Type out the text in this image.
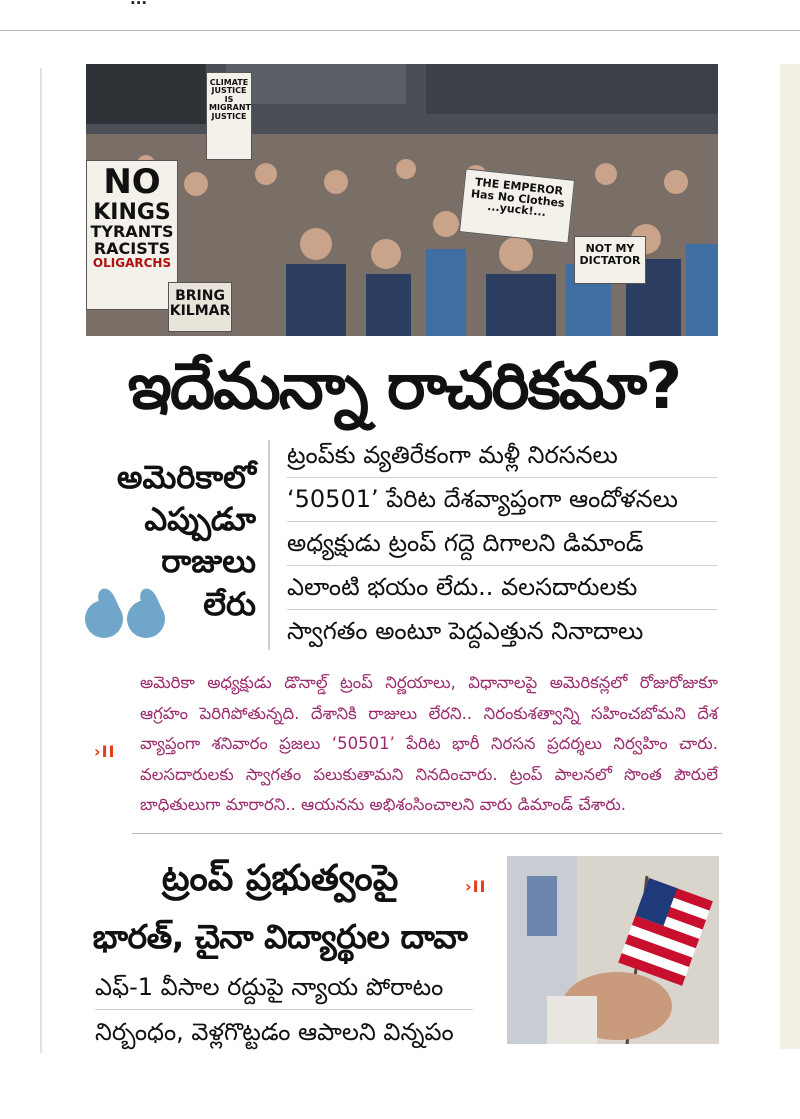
NO
KINGS
TYRANTS
RACISTS
OLIGARCHS
BRING KILMAR
THE EMPEROR Has No Clothes ...yuck!...
NOT MY DICTATOR
CLIMATE JUSTICE IS MIGRANT JUSTICE
ఇదేమన్నా రాచరికమా?
అమెరికాలో
ఎప్పుడూ
రాజులు
లేరు
ట్రంప్‌కు వ్యతిరేకంగా మళ్లీ నిరసనలు
‘50501’ పేరిట దేశవ్యాప్తంగా ఆందోళనలు
అధ్యక్షుడు ట్రంప్ గద్దె దిగాలని డిమాండ్
ఎలాంటి భయం లేదు.. వలసదారులకు
స్వాగతం అంటూ పెద్దఎత్తున నినాదాలు
›II
అమెరికా అధ్యక్షుడు డొనాల్డ్ ట్రంప్ నిర్ణయాలు, విధానాలపై అమెరికన్లలో రోజురోజుకూ ఆగ్రహం పెరిగిపోతున్నది. దేశానికి రాజులు లేరని.. నిరంకుశత్వాన్ని సహించబోమని దేశ వ్యాప్తంగా శనివారం ప్రజలు ‘50501’ పేరిట భారీ నిరసన ప్రదర్శలు నిర్వహిం చారు. వలసదారులకు స్వాగతం పలుకుతామని నినదించారు. ట్రంప్ పాలనలో సొంత పౌరులే బాధితులుగా మారారని.. ఆయనను అభిశంసించాలని వారు డిమాండ్ చేశారు.
ట్రంప్ ప్రభుత్వంపై
భారత్, చైనా విద్యార్థుల దావా
›II
ఎఫ్-1 వీసాల రద్దుపై న్యాయ పోరాటం
నిర్బంధం, వెళ్లగొట్టడం ఆపాలని విన్నపం
